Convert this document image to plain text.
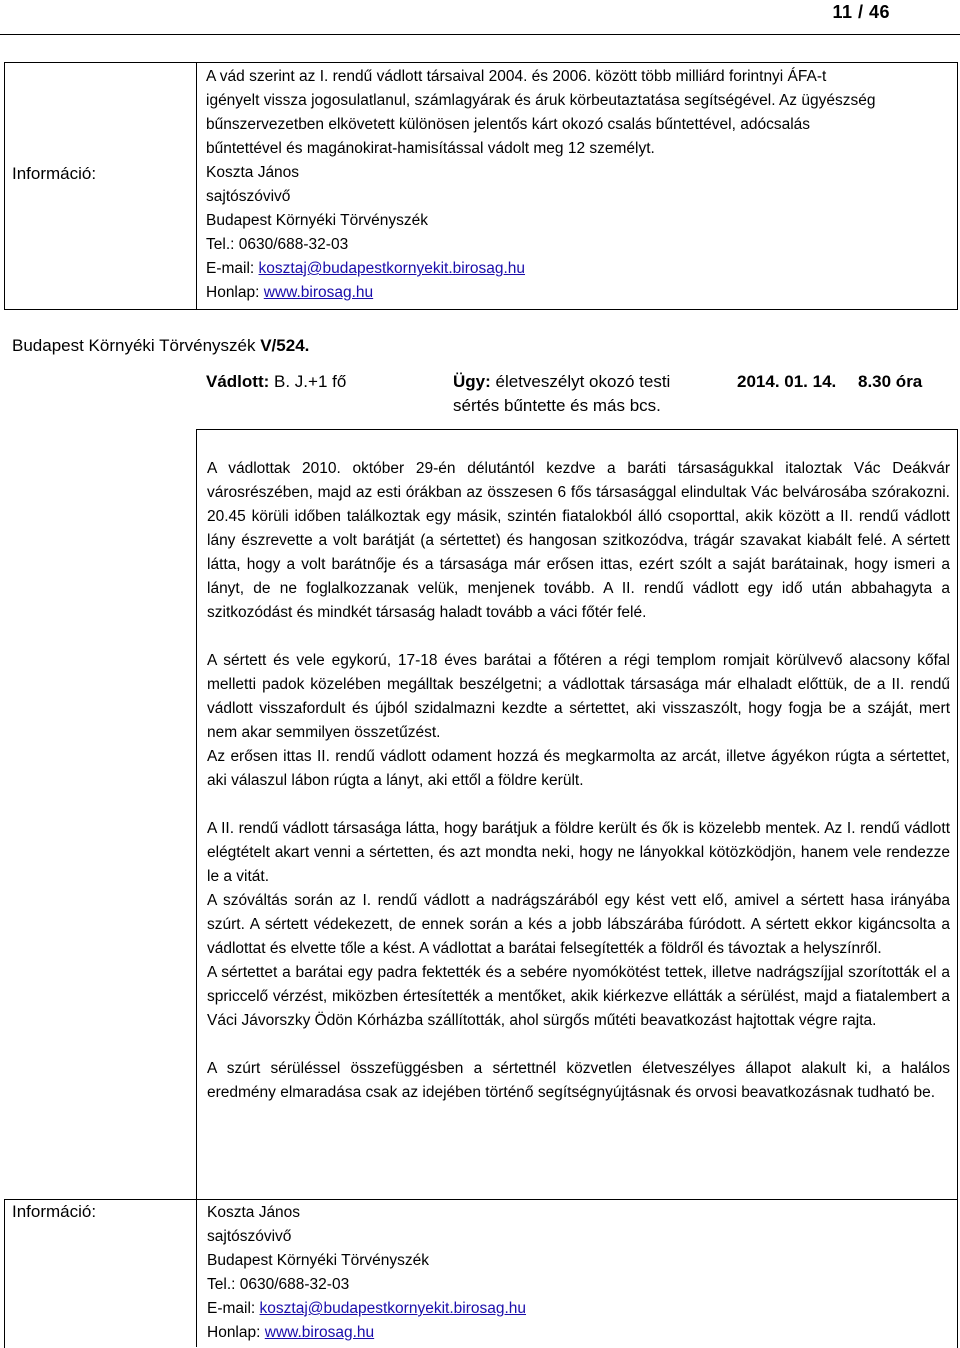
11 / 46
Információ:
A vád szerint az I. rendű vádlott társaival 2004. és 2006. között több milliárd forintnyi ÁFA-t
igényelt vissza jogosulatlanul, számlagyárak és áruk körbeutaztatása segítségével. Az ügyészség
bűnszervezetben elkövetett különösen jelentős kárt okozó csalás bűntettével, adócsalás
bűntettével és magánokirat-hamisítással vádolt meg 12 személyt.
Koszta János
sajtószóvivő
Budapest Környéki Törvényszék
Tel.: 0630/688-32-03
E-mail: kosztaj@budapestkornyekit.birosag.hu
Honlap: www.birosag.hu
Budapest Környéki Törvényszék V/524.
Vádlott: B. J.+1 fő	Ügy: életveszélyt okozó testi
sértés bűntette és más bcs.
2014. 01. 14. 8.30 óra
Információ:

A vádlottak 2010. október 29-én délutántól kezdve a baráti társaságukkal italoztak Vác Deákvár városrészében, majd az esti órákban az összesen 6 fős társasággal elindultak Vác belvárosába szórakozni. 20.45 körüli időben találkoztak egy másik, szintén fiatalokból álló csoporttal, akik között a II. rendű vádlott lány észrevette a volt barátját (a sértettet) és hangosan szitkozódva, trágár szavakat kiabált felé. A sértett látta, hogy a volt barátnője és a társasága már erősen ittas, ezért szólt a saját barátainak, hogy ismeri a lányt, de ne foglalkozzanak velük, menjenek tovább. A II. rendű vádlott egy idő után abbahagyta a szitkozódást és mindkét társaság haladt tovább a váci főtér felé.

A sértett és vele egykorú, 17-18 éves barátai a főtéren a régi templom romjait körülvevő alacsony kőfal melletti padok közelében megálltak beszélgetni; a vádlottak társasága már elhaladt előttük, de a II. rendű vádlott visszafordult és újból szidalmazni kezdte a sértettet, aki visszaszólt, hogy fogja be a száját, mert nem akar semmilyen összetűzést.

Az erősen ittas II. rendű vádlott odament hozzá és megkarmolta az arcát, illetve ágyékon rúgta a sértettet, aki válaszul lábon rúgta a lányt, aki ettől a földre került.

A II. rendű vádlott társasága látta, hogy barátjuk a földre került és ők is közelebb mentek. Az I. rendű vádlott elégtételt akart venni a sértetten, és azt mondta neki, hogy ne lányokkal kötözködjön, hanem vele rendezze le a vitát.

A szóváltás során az I. rendű vádlott a nadrágszárából egy kést vett elő, amivel a sértett hasa irányába szúrt. A sértett védekezett, de ennek során a kés a jobb lábszárába fúródott. A sértett ekkor kigáncsolta a vádlottat és elvette tőle a kést. A vádlottat a barátai felsegítették a földről és távoztak a helyszínről.

A sértettet a barátai egy padra fektették és a sebére nyomókötést tettek, illetve nadrágszíjjal szorították el a spriccelő vérzést, miközben értesítették a mentőket, akik kiérkezve ellátták a sérülést, majd a fiatalembert a Váci Jávorszky Ödön Kórházba szállították, ahol sürgős műtéti beavatkozást hajtottak végre rajta.

A szúrt sérüléssel összefüggésben a sértettnél közvetlen életveszélyes állapot alakult ki, a halálos eredmény elmaradása csak az idejében történő segítségnyújtásnak és orvosi beavatkozásnak tudható be.

Koszta János
sajtószóvivő
Budapest Környéki Törvényszék
Tel.: 0630/688-32-03
E-mail: kosztaj@budapestkornyekit.birosag.hu
Honlap: www.birosag.hu
